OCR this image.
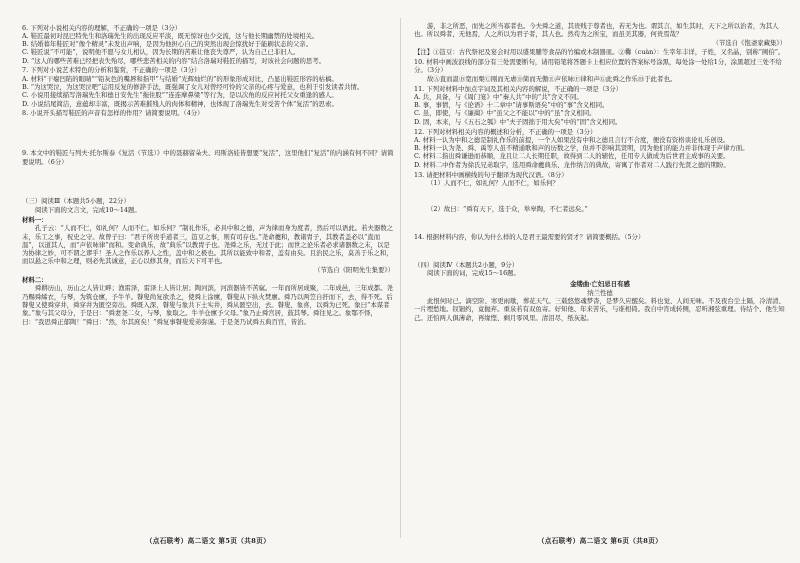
6. 下列对小说相关内容的理解，不正确的一项是（3分）

A. 鞋匠最初对昆巴特先生和洛瑞先生的出现反应平淡，既无惊讶也少交流，这与他长期幽禁的处境相关。

B. 结婚暮年鞋匠对“像个精灵”未发出声响，是因为他担心自己的突然出现会惊扰好于能刷状态的父亲。

C. 鞋匠说“不可能”，说明他不愿与女儿相认，因为长期的苦难让他丧失尊严，认为自己已非旧人。

D. “这人的哪些苦难已经把表失殆尽，哪些悲苦相关的内容”结合洛瑞对鞋匠的描写，对该社会问题的思考。

7. 下列对小说艺术特色的分析和鉴赏，不正确的一项是（3分）

A. 材料“干瘪凹陷的眼睛”“铅灰色的嘴唇和指甲”与结婚“光辉灿烂的”的形象形成对比，凸显出鞋匠形容的枯槁。

B. “为这哭泣，为这哭泣吧”运用反复的修辞手法，既强调了女儿对曾经可怜的父亲的心疼与爱意，也利于引发读者共情。

C. 小说用接续描写洛瑞先生和德日安先生“拖住股”“连连摩鼻梁”等行为，是以次角的反应衬托父女重逢的感人。

D. 小说结尾简洁，意蕴却丰富，既揭示苦难摧残人的肉体和精神，也体现了洛瑞先生对受苦个体“复活”的思索。

8. 小说开头描写鞋匠的声音有怎样的作用？请简要说明。（4分）

9. 本文中的鞋匠与列夫·托尔斯泰《复活（节选）》中的聂赫留朵夫、玛斯洛娃皆想要“复活”，这里他们“复活”的内涵有何不同？请简要说明。（6分）

（三）阅读Ⅲ（本题共5小题，22分）

阅读下面的文言文，完成10～14题。

材料一：

孔子云：“人而不仁，如礼何？人而不仁，如乐何？”制礼作乐，必具中和之德，声为律而身为度者，然后可以语此。若夫器数之末，乐工之事，祝史之守。故曾子曰：“君子所贵乎道者三，笾豆之事，则有司存也。”尧命夔和，教诸胄子，其教者盖必以“直而温”，以道其人，而“声依咏律”而和。变命典乐，故“典乐”以教胄子也。尧舜之乐，无过于此；而世之论乐者必求诸器数之末，以是为协律之妙，可不谓之谬乎！圣人之作乐以养人之性，盖中和之极也。其所以能致中和者，盖有由矣。且治民之乐，莫善于乐之和，而以悬之乐中和之理，则必先其诚意，正心以修其身，而后天下可平也。

（节选自《阳明先生集要》）

材料二：

舜耕历山，历山之人皆让畔；渔雷泽，雷泽上人皆让居；陶河滨，河滨器皆不苦窳。一年而所居成聚，二年成邑，三年成都。尧乃赐舜絺衣，与琴，为筑仓廪，予牛羊。瞽叟尚复欲杀之，使舜上涂廪，瞽叟从下纵火焚廪。舜乃以两笠自扞而下，去，得不死。后瞽叟又使舜穿井，舜穿井为匿空旁出。舜既入深，瞽叟与象共下土实井，舜从匿空出，去。瞽叟、象喜，以舜为已死。象曰“本谋者象。”象与其父母分，于是曰：“舜妻尧二女，与琴，象取之。牛羊仓廪予父母。”象乃止舜宫居，鼓其琴。舜往见之。象鄂不怿，曰：“我思舜正郁陶！”舜曰：“然，尔其庶矣！”舜复事瞽叟爱弟弥谨。于是尧乃试舜五典百官，皆治。

游，非之所恶，而先之所当寡者也。今夫舜之道，其贵贱于尊者也，若无为也。谓其言，如生其时，天下之所以治者，为其人也。所以舜者，无他焉，人之所以为君子者，其人也。然苟为之所宝，而虽美其器，何贵焉哉？

（节选自《饱斋家藏集》）

【注】①笾豆：古代祭祀及宴会时用以盛果脯等食品的竹编或木制器皿。②爨（cuàn）：生宰年丰详，子姓，又名晶，别称“阙伯”。

10. 材料中画波浪线的部分有三处需要断句，请用铅笔将答题卡上相应位置的答案标号涂黑，每处涂一处给1分，涂黑超过三处不给分。（3分）

故Ⓐ直而温Ⓑ宽而栗Ⓒ刚而无虐Ⓓ简而无傲Ⓔ声依咏Ⓕ律和声Ⓖ此舜之作乐Ⓗ于此者也。

11. 下列对材料中加点字词及其相关内容的解说，不正确的一项是（3分）

A. 共，具备，与《周门宴》中“秦人共”中的“共”含义不同。

B. 事，事情，与《论语》十二章中“请事斯语矣”中的“事”含义相同。

C. 虽，即使，与《廉蔺》中“虽父之不能以”中的“虽”含义相同。

D. 固，本来，与《五石之瓠》中“夫子固拙于用大矣”中的“固”含义相同。

12. 下列对材料相关内容的概述和分析，不正确的一项是（3分）

A. 材料一认为中和之德是制礼作乐的前提，一个人如果没有中和之德且言行不合度，便没有资格谈论礼乐创设。

B. 材料一认为尧、舜、禹等人虽不精通歌和声的历数之学，但并不影响其贤明，因为他们的能力并非体现于声律方面。

C. 材料二指出舜谦逊而恭顺，龙且让二人长期任职，故得到二人的辅佐，任用专人做成为后世君主成事的关要。

D. 材料二中作者为徐氏兄弟取字，选用舜命夔典乐、龙作纳言的典故，寄寓了作者对二人践行先贤之德的期盼。

13. 请把材料中画横线的句子翻译为现代汉语。（8分）

（1）人而不仁，如礼何？人而不仁，如乐何？

（2）故曰：“舜有天下，选于众，举皋陶，不仁者远矣。”

14. 根据材料内容，你认为什么样的人是君王最需要的贤才？请简要概括。（5分）

（四）阅读Ⅳ（本题共2小题，9分）

阅读下面的词，完成15～16题。

金缕曲·亡妇忌日有感

纳兰性德

此恨何时已。滴空阶、寒更雨歇，葬花天气。三载悠悠魂梦杳，是梦久应醒矣。料也觉、人间无味。不及夜台尘土隔，冷清清、一片埋愁地。钗钿约，竟抛弃。重泉若有双鱼寄。好知他、年来苦乐，与谁相倚。我自中宵成转侧，忍听湘弦重理。待结个、他生知己。还怕两人俱薄命，再缘悭、剩月零风里。清泪尽，纸灰起。

（点石联考）高二语文 第5页（共8页）	（点石联考）高二语文 第6页（共8页）
